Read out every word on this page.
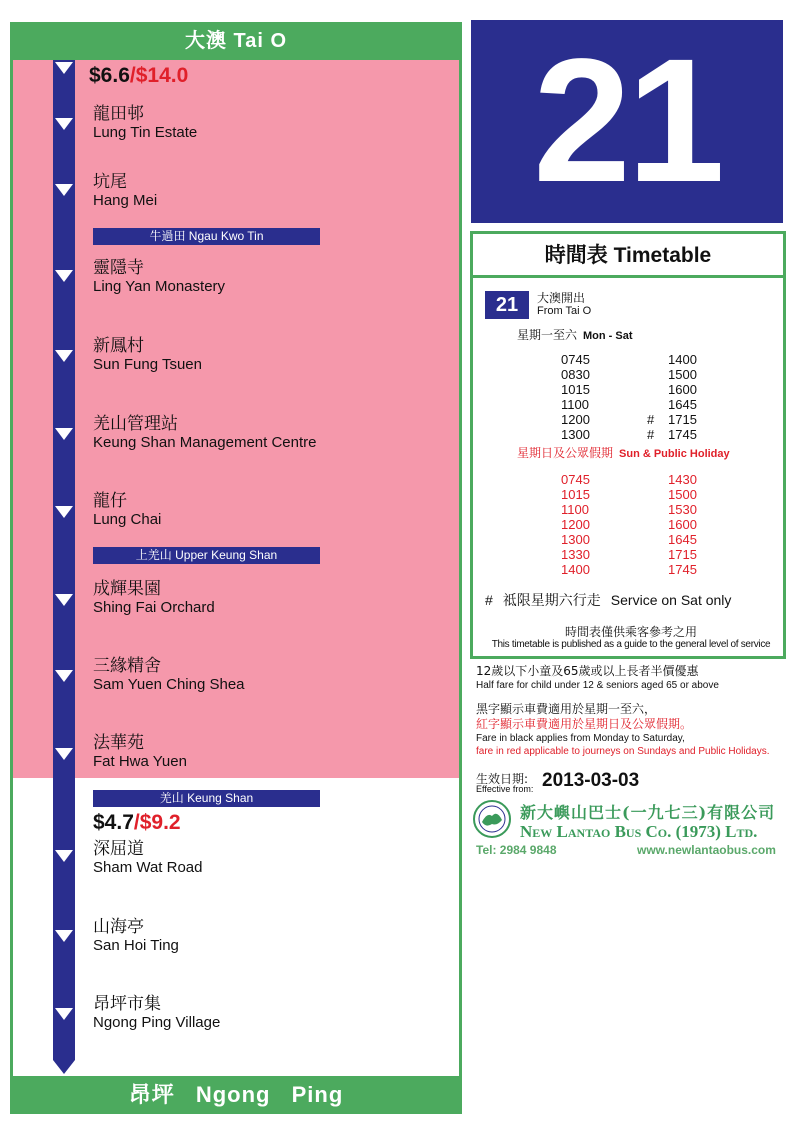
大澳 Tai O
$6.6/$14.0
龍田邨
Lung Tin Estate
坑尾
Hang Mei
牛過田 Ngau Kwo Tin
靈隱寺
Ling Yan Monastery
新鳳村
Sun Fung Tsuen
羌山管理站
Keung Shan Management Centre
龍仔
Lung Chai
上羌山 Upper Keung Shan
成輝果園
Shing Fai Orchard
三緣精舍
Sam Yuen Ching Shea
法華苑
Fat Hwa Yuen
羌山 Keung Shan
$4.7/$9.2
深屈道
Sham Wat Road
山海亭
San Hoi Ting
昂坪市集
Ngong Ping Village
昂坪 Ngong Ping
21
時間表 Timetable
21	大澳開出
From Tai O
星期一至六 Mon - Sat
0745
0830
1015
1100
1200
1300
1400
1500
1600
1645
1715
1745
#
#
星期日及公眾假期 Sun & Public Holiday
0745
1015
1100
1200
1300
1330
1400
1430
1500
1530
1600
1645
1715
1745
# 祗限星期六行走 Service on Sat only
時間表僅供乘客參考之用
This timetable is published as a guide to the general level of service
12歲以下小童及65歲或以上長者半價優惠
Half fare for child under 12 & seniors aged 65 or above
黑字顯示車費適用於星期一至六，
紅字顯示車費適用於星期日及公眾假期。
Fare in black applies from Monday to Saturday,
fare in red applicable to journeys on Sundays and Public Holidays.
生效日期:
Effective from: 2013-03-03
新大嶼山巴士(一九七三)有限公司
New Lantao Bus Co. (1973) Ltd.
Tel: 2984 9848	www.newlantaobus.com
